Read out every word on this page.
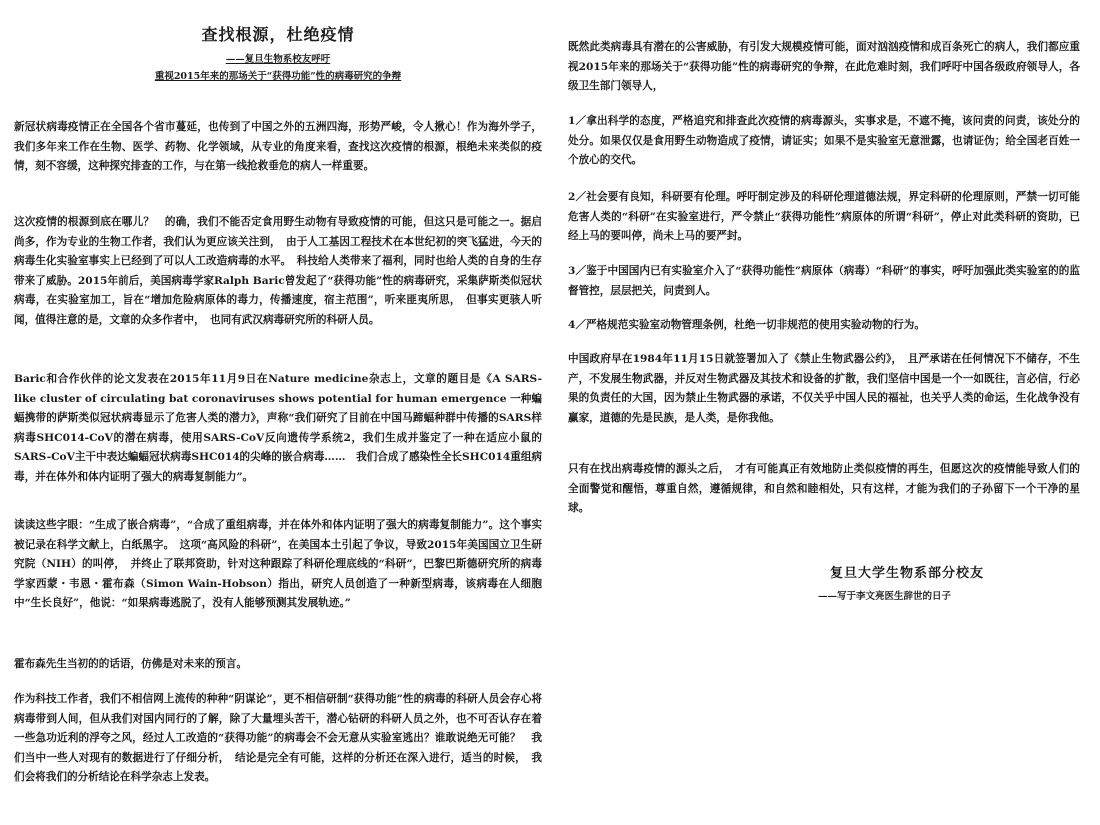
查找根源，杜绝疫情
——复旦生物系校友呼吁
重视2015年来的那场关于“获得功能”性的病毒研究的争辩

新冠状病毒疫情正在全国各个省市蔓延，也传到了中国之外的五洲四海，形势严峻，令人揪心！作为海外学子，我们多年来工作在生物、医学、药物、化学领域，从专业的角度来看，查找这次疫情的根源，根绝未来类似的疫情，刻不容缓，这种探究排查的工作，与在第一线抢救垂危的病人一样重要。

这次疫情的根源到底在哪儿？　的确，我们不能否定食用野生动物有导致疫情的可能，但这只是可能之一。据启尚多，作为专业的生物工作者，我们认为更应该关注到，　由于人工基因工程技术在本世纪初的突飞猛进，今天的病毒生化实验室事实上已经到了可以人工改造病毒的水平。　科技给人类带来了福利，同时也给人类的自身的生存带来了威胁。2015年前后，美国病毒学家Ralph Baric曾发起了“获得功能”性的病毒研究，采集萨斯类似冠状病毒，在实验室加工，旨在“增加危险病原体的毒力，传播速度，宿主范围”，听来匪夷所思，　但事实更骇人听闻，值得注意的是，文章的众多作者中，　也同有武汉病毒研究所的科研人员。

Baric和合作伙伴的论文发表在2015年11月9日在Nature medicine杂志上，文章的题目是《A SARS-like cluster of circulating bat coronaviruses shows potential for human emergence 一种蝙蝠携带的萨斯类似冠状病毒显示了危害人类的潜力》，声称“我们研究了目前在中国马蹄蝠种群中传播的SARS样病毒SHC014-CoV的潜在病毒，使用SARS-CoV反向遗传学系统2，我们生成并鉴定了一种在适应小鼠的SARS-CoV主干中表达蝙蝠冠状病毒SHC014的尖峰的嵌合病毒……　我们合成了感染性全长SHC014重组病毒，并在体外和体内证明了强大的病毒复制能力”。

读读这些字眼：“生成了嵌合病毒”，“合成了重组病毒，并在体外和体内证明了强大的病毒复制能力”。这个事实被记录在科学文献上，白纸黑字。　这项“高风险的科研”，在美国本土引起了争议，导致2015年美国国立卫生研究院（NIH）的叫停，　并终止了联邦资助，针对这种跟踪了科研伦理底线的“科研”，巴黎巴斯德研究所的病毒学家西蒙・韦恩・霍布森（Simon Wain-Hobson）指出，研究人员创造了一种新型病毒，该病毒在人细胞中“生长良好”，他说：“如果病毒逃脱了，没有人能够预测其发展轨迹。”

霍布森先生当初的的话语，仿佛是对未来的预言。

作为科技工作者，我们不相信网上流传的种种“阴谋论”，更不相信研制“获得功能”性的病毒的科研人员会存心将病毒带到人间，但从我们对国内同行的了解，除了大量埋头苦干，潜心钻研的科研人员之外，也不可否认存在着一些急功近利的浮夸之风，经过人工改造的“获得功能”的病毒会不会无意从实验室逃出？谁敢说绝无可能？　我们当中一些人对现有的数据进行了仔细分析，　结论是完全有可能，这样的分析还在深入进行，适当的时候，　我们会将我们的分析结论在科学杂志上发表。

既然此类病毒具有潜在的公害威胁，有引发大规模疫情可能，面对汹汹疫情和成百条死亡的病人，我们都应重视2015年来的那场关于“获得功能”性的病毒研究的争辩，在此危难时刻，我们呼吁中国各级政府领导人，各级卫生部门领导人，

1／拿出科学的态度，严格追究和排查此次疫情的病毒源头，实事求是，不遮不掩，该问责的问责，该处分的处分。如果仅仅是食用野生动物造成了疫情，请证实；如果不是实验室无意泄露，也请证伪；给全国老百姓一个放心的交代。

2／社会要有良知，科研要有伦理。呼吁制定涉及的科研伦理道德法规，界定科研的伦理原则，严禁一切可能危害人类的“科研”在实验室进行，严令禁止“获得功能性”病原体的所谓“科研”，停止对此类科研的资助，已经上马的要叫停，尚未上马的要严封。

3／鉴于中国国内已有实验室介入了“获得功能性”病原体（病毒）“科研”的事实，呼吁加强此类实验室的的监督管控，层层把关，问责到人。

4／严格规范实验室动物管理条例，杜绝一切非规范的使用实验动物的行为。

中国政府早在1984年11月15日就签署加入了《禁止生物武器公约》，　且严承诺在任何情况下不储存，不生产，不发展生物武器，并反对生物武器及其技术和设备的扩散，我们坚信中国是一个一如既往，言必信，行必果的负责任的大国，因为禁止生物武器的承诺，不仅关乎中国人民的福祉，也关乎人类的命运，生化战争没有赢家，道德的先是民族，是人类，是你我他。

只有在找出病毒疫情的源头之后，　才有可能真正有效地防止类似疫情的再生，但愿这次的疫情能导致人们的全面警觉和醒悟，尊重自然，遵循规律，和自然和睦相处，只有这样，才能为我们的子孙留下一个干净的星球。

复旦大学生物系部分校友
——写于李文亮医生辞世的日子
